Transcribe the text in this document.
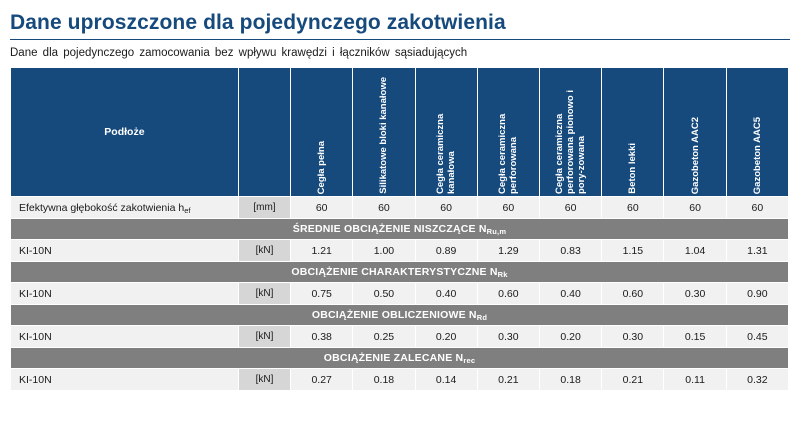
Dane uproszczone dla pojedynczego zakotwienia
Dane dla pojedynczego zamocowania bez wpływu krawędzi i łączników sąsiadujących
Podłoże		Cegła pełna	Silikatowe bloki kanałowe	Cegła ceramiczna kanałowa	Cegła ceramiczna perforowana	Cegła ceramiczna perforowana pionowo i pory-zowana	Beton lekki	Gazobeton AAC2	Gazobeton AAC5

Efektywna głębokość zakotwienia $h_{ef}$	[mm]	60	60	60	60	60	60	60	60
ŚREDNIE OBCIĄŻENIE NISZCZĄCE $N_{Ru,m}$
KI-10N	[kN]	1.21	1.00	0.89	1.29	0.83	1.15	1.04	1.31
OBCIĄŻENIE CHARAKTERYSTYCZNE $N_{Rk}$
KI-10N	[kN]	0.75	0.50	0.40	0.60	0.40	0.60	0.30	0.90
OBCIĄŻENIE OBLICZENIOWE $N_{Rd}$
KI-10N	[kN]	0.38	0.25	0.20	0.30	0.20	0.30	0.15	0.45
OBCIĄŻENIE ZALECANE $N_{rec}$
KI-10N	[kN]	0.27	0.18	0.14	0.21	0.18	0.21	0.11	0.32
